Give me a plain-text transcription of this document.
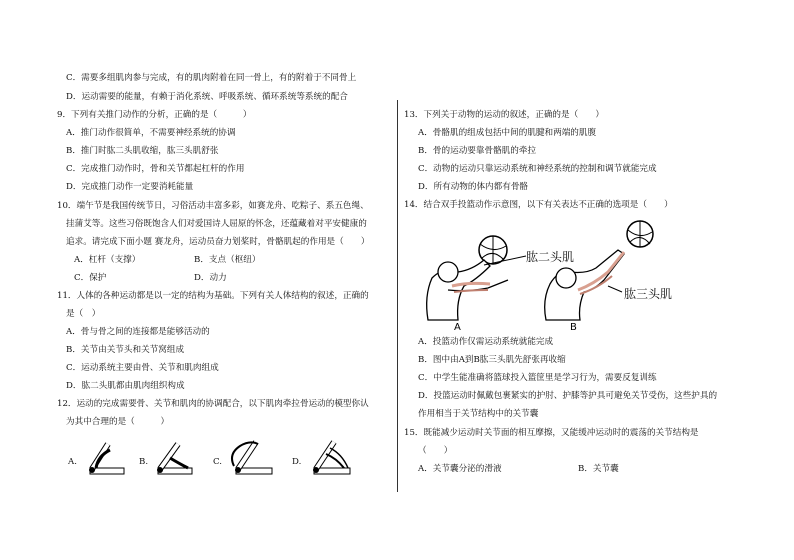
C．需要多组肌肉参与完成，有的肌肉附着在同一骨上，有的附着于不同骨上
D．运动需要的能量，有赖于消化系统、呼吸系统、循环系统等系统的配合
9．下列有关推门动作的分析，正确的是（　　　）
A．推门动作很简单，不需要神经系统的协调
B．推门时肱二头肌收缩，肱三头肌舒张
C．完成推门动作时，骨和关节都起杠杆的作用
D．完成推门动作一定要消耗能量
10．端午节是我国传统节日，习俗活动丰富多彩，如赛龙舟、吃粽子、系五色绳、
挂蒲艾等。这些习俗既饱含人们对爱国诗人屈原的怀念，还蕴藏着对平安健康的
追求。请完成下面小题 赛龙舟，运动员奋力划桨时，骨骼肌起的作用是（　　）
A．杠杆（支撑）	B．支点（枢纽）
C．保护	D．动力
11．人体的各种运动都是以一定的结构为基础。下列有关人体结构的叙述，正确的
是（　）
A．骨与骨之间的连接都是能够活动的
B．关节由关节头和关节窝组成
C．运动系统主要由骨、关节和肌肉组成
D．肱二头肌都由肌肉组织构成
12．运动的完成需要骨、关节和肌肉的协调配合，以下肌肉牵拉骨运动的模型你认
为其中合理的是（　　　）
A.	B.	C.	D.
13．下列关于动物的运动的叙述，正确的是（　　）
A．骨骼肌的组成包括中间的肌腱和两端的肌腹
B．骨的运动要靠骨骼肌的牵拉
C．动物的运动只靠运动系统和神经系统的控制和调节就能完成
D．所有动物的体内都有骨骼
14．结合双手投篮动作示意图，以下有关表达不正确的选项是（　　）
A	B
肱二头肌
肱三头肌
A．投篮动作仅需运动系统就能完成
B．图中由A到B肱三头肌先舒张再收缩
C．中学生能准确将篮球投入篮筐里是学习行为，需要反复训练
D．投篮运动时佩戴包裹紧实的护肘、护膝等护具可避免关节受伤，这些护具的
作用相当于关节结构中的关节囊
15．既能减少运动时关节面的相互摩擦，又能缓冲运动时的震荡的关节结构是
（　　）
A．关节囊分泌的滑液	B．关节囊
